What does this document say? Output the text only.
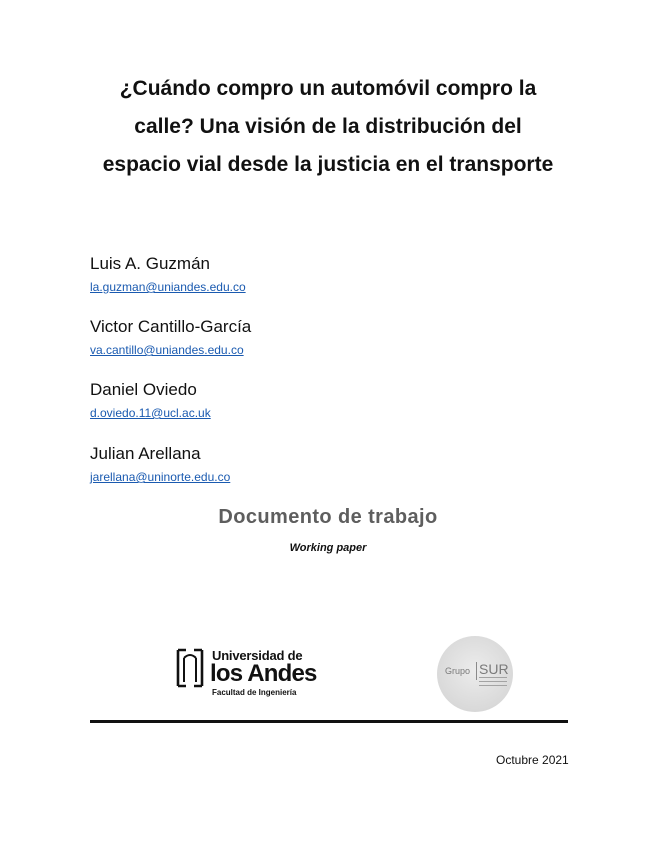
¿Cuándo compro un automóvil compro la
calle? Una visión de la distribución del
espacio vial desde la justicia en el transporte
Luis A. Guzmán
la.guzman@uniandes.edu.co
Victor Cantillo-García
va.cantillo@uniandes.edu.co
Daniel Oviedo
d.oviedo.11@ucl.ac.uk
Julian Arellana
jarellana@uninorte.edu.co
Documento de trabajo
Working paper
Universidad de
los Andes
Facultad de Ingeniería
Grupo SUR
Octubre 2021
